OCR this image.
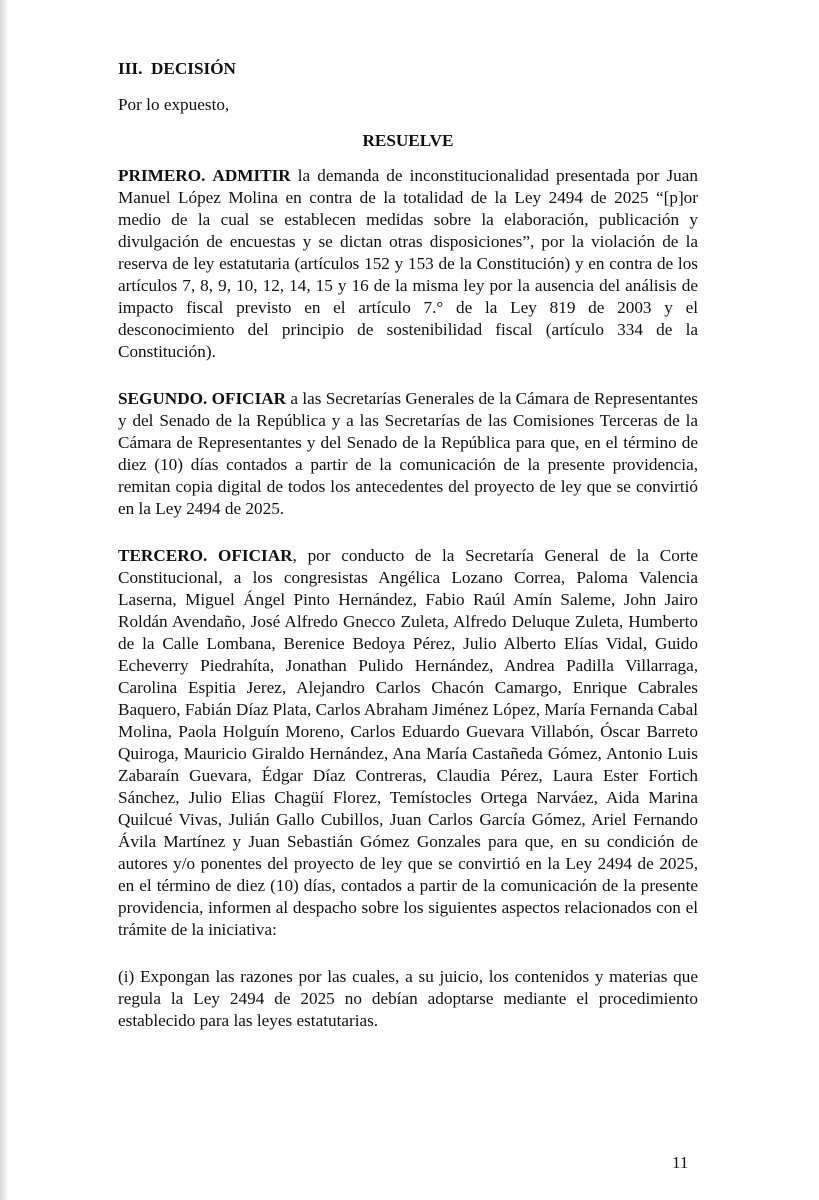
III. DECISIÓN
Por lo expuesto,
RESUELVE
PRIMERO. ADMITIR la demanda de inconstitucionalidad presentada por Juan Manuel López Molina en contra de la totalidad de la Ley 2494 de 2025 “[p]or medio de la cual se establecen medidas sobre la elaboración, publicación y divulgación de encuestas y se dictan otras disposiciones”, por la violación de la reserva de ley estatutaria (artículos 152 y 153 de la Constitución) y en contra de los artículos 7, 8, 9, 10, 12, 14, 15 y 16 de la misma ley por la ausencia del análisis de impacto fiscal previsto en el artículo 7.° de la Ley 819 de 2003 y el desconocimiento del principio de sostenibilidad fiscal (artículo 334 de la Constitución).
SEGUNDO. OFICIAR a las Secretarías Generales de la Cámara de Representantes y del Senado de la República y a las Secretarías de las Comisiones Terceras de la Cámara de Representantes y del Senado de la República para que, en el término de diez (10) días contados a partir de la comunicación de la presente providencia, remitan copia digital de todos los antecedentes del proyecto de ley que se convirtió en la Ley 2494 de 2025.
TERCERO. OFICIAR, por conducto de la Secretaría General de la Corte Constitucional, a los congresistas Angélica Lozano Correa, Paloma Valencia Laserna, Miguel Ángel Pinto Hernández, Fabio Raúl Amín Saleme, John Jairo Roldán Avendaño, José Alfredo Gnecco Zuleta, Alfredo Deluque Zuleta, Humberto de la Calle Lombana, Berenice Bedoya Pérez, Julio Alberto Elías Vidal, Guido Echeverry Piedrahíta, Jonathan Pulido Hernández, Andrea Padilla Villarraga, Carolina Espitia Jerez, Alejandro Carlos Chacón Camargo, Enrique Cabrales Baquero, Fabián Díaz Plata, Carlos Abraham Jiménez López, María Fernanda Cabal Molina, Paola Holguín Moreno, Carlos Eduardo Guevara Villabón, Óscar Barreto Quiroga, Mauricio Giraldo Hernández, Ana María Castañeda Gómez, Antonio Luis Zabaraín Guevara, Édgar Díaz Contreras, Claudia Pérez, Laura Ester Fortich Sánchez, Julio Elias Chagüí Florez, Temístocles Ortega Narváez, Aida Marina Quilcué Vivas, Julián Gallo Cubillos, Juan Carlos García Gómez, Ariel Fernando Ávila Martínez y Juan Sebastián Gómez Gonzales para que, en su condición de autores y/o ponentes del proyecto de ley que se convirtió en la Ley 2494 de 2025, en el término de diez (10) días, contados a partir de la comunicación de la presente providencia, informen al despacho sobre los siguientes aspectos relacionados con el trámite de la iniciativa:
(i) Expongan las razones por las cuales, a su juicio, los contenidos y materias que regula la Ley 2494 de 2025 no debían adoptarse mediante el procedimiento establecido para las leyes estatutarias.
11
